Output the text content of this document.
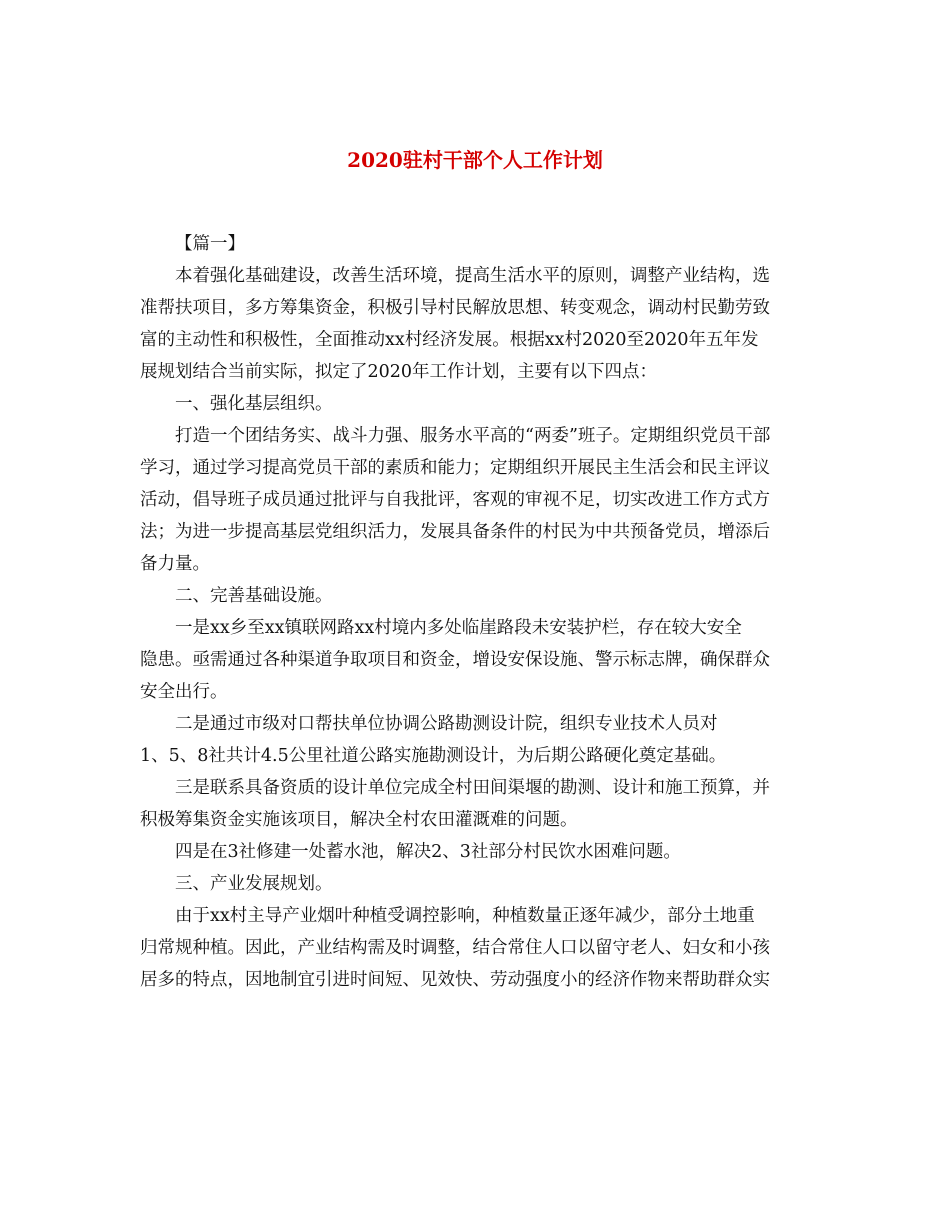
2020驻村干部个人工作计划

【篇一】

本着强化基础建设，改善生活环境，提高生活水平的原则，调整产业结构，选
准帮扶项目，多方筹集资金，积极引导村民解放思想、转变观念，调动村民勤劳致
富的主动性和积极性，全面推动xx村经济发展。根据xx村2020至2020年五年发
展规划结合当前实际，拟定了2020年工作计划，主要有以下四点：

一、强化基层组织。

打造一个团结务实、战斗力强、服务水平高的“两委”班子。定期组织党员干部
学习，通过学习提高党员干部的素质和能力；定期组织开展民主生活会和民主评议
活动，倡导班子成员通过批评与自我批评，客观的审视不足，切实改进工作方式方
法；为进一步提高基层党组织活力，发展具备条件的村民为中共预备党员，增添后
备力量。

二、完善基础设施。

一是xx乡至xx镇联网路xx村境内多处临崖路段未安装护栏，存在较大安全
隐患。亟需通过各种渠道争取项目和资金，增设安保设施、警示标志牌，确保群众
安全出行。

二是通过市级对口帮扶单位协调公路勘测设计院，组织专业技术人员对
1、5、8社共计4.5公里社道公路实施勘测设计，为后期公路硬化奠定基础。

三是联系具备资质的设计单位完成全村田间渠堰的勘测、设计和施工预算，并
积极筹集资金实施该项目，解决全村农田灌溉难的问题。

四是在3社修建一处蓄水池，解决2、3社部分村民饮水困难问题。

三、产业发展规划。

由于xx村主导产业烟叶种植受调控影响，种植数量正逐年减少，部分土地重
归常规种植。因此，产业结构需及时调整，结合常住人口以留守老人、妇女和小孩
居多的特点，因地制宜引进时间短、见效快、劳动强度小的经济作物来帮助群众实
